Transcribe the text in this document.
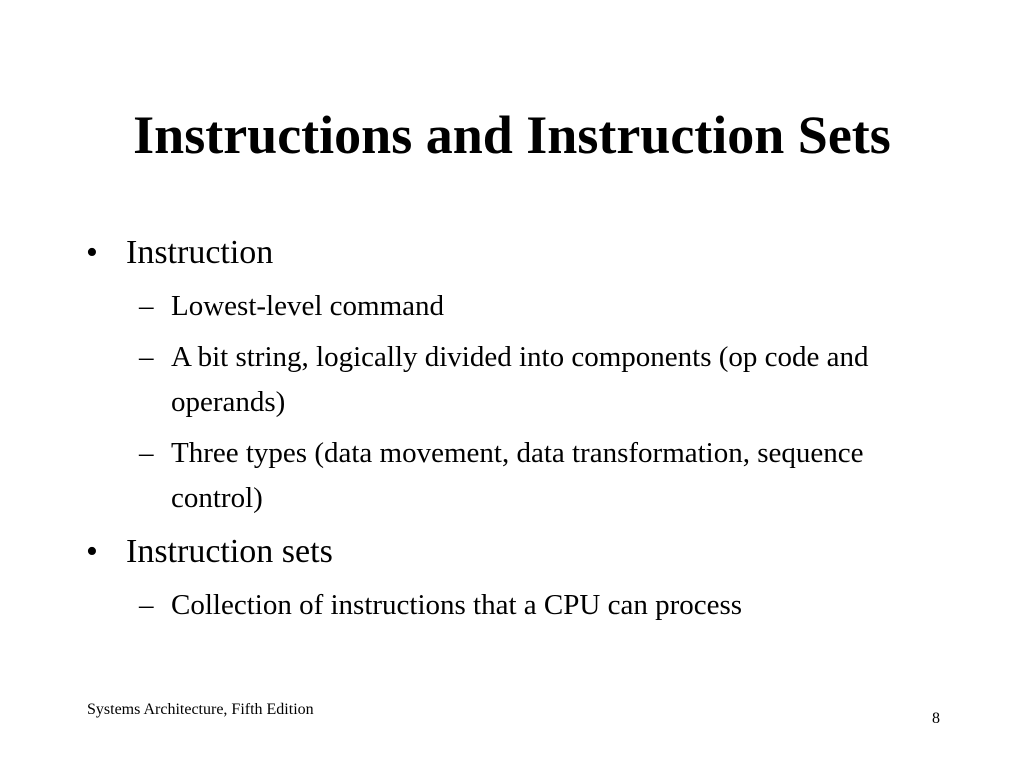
Instructions and Instruction Sets
• Instruction
– Lowest-level command
– A bit string, logically divided into components (op code and operands)
– Three types (data movement, data transformation, sequence control)
• Instruction sets
– Collection of instructions that a CPU can process
Systems Architecture, Fifth Edition
8
